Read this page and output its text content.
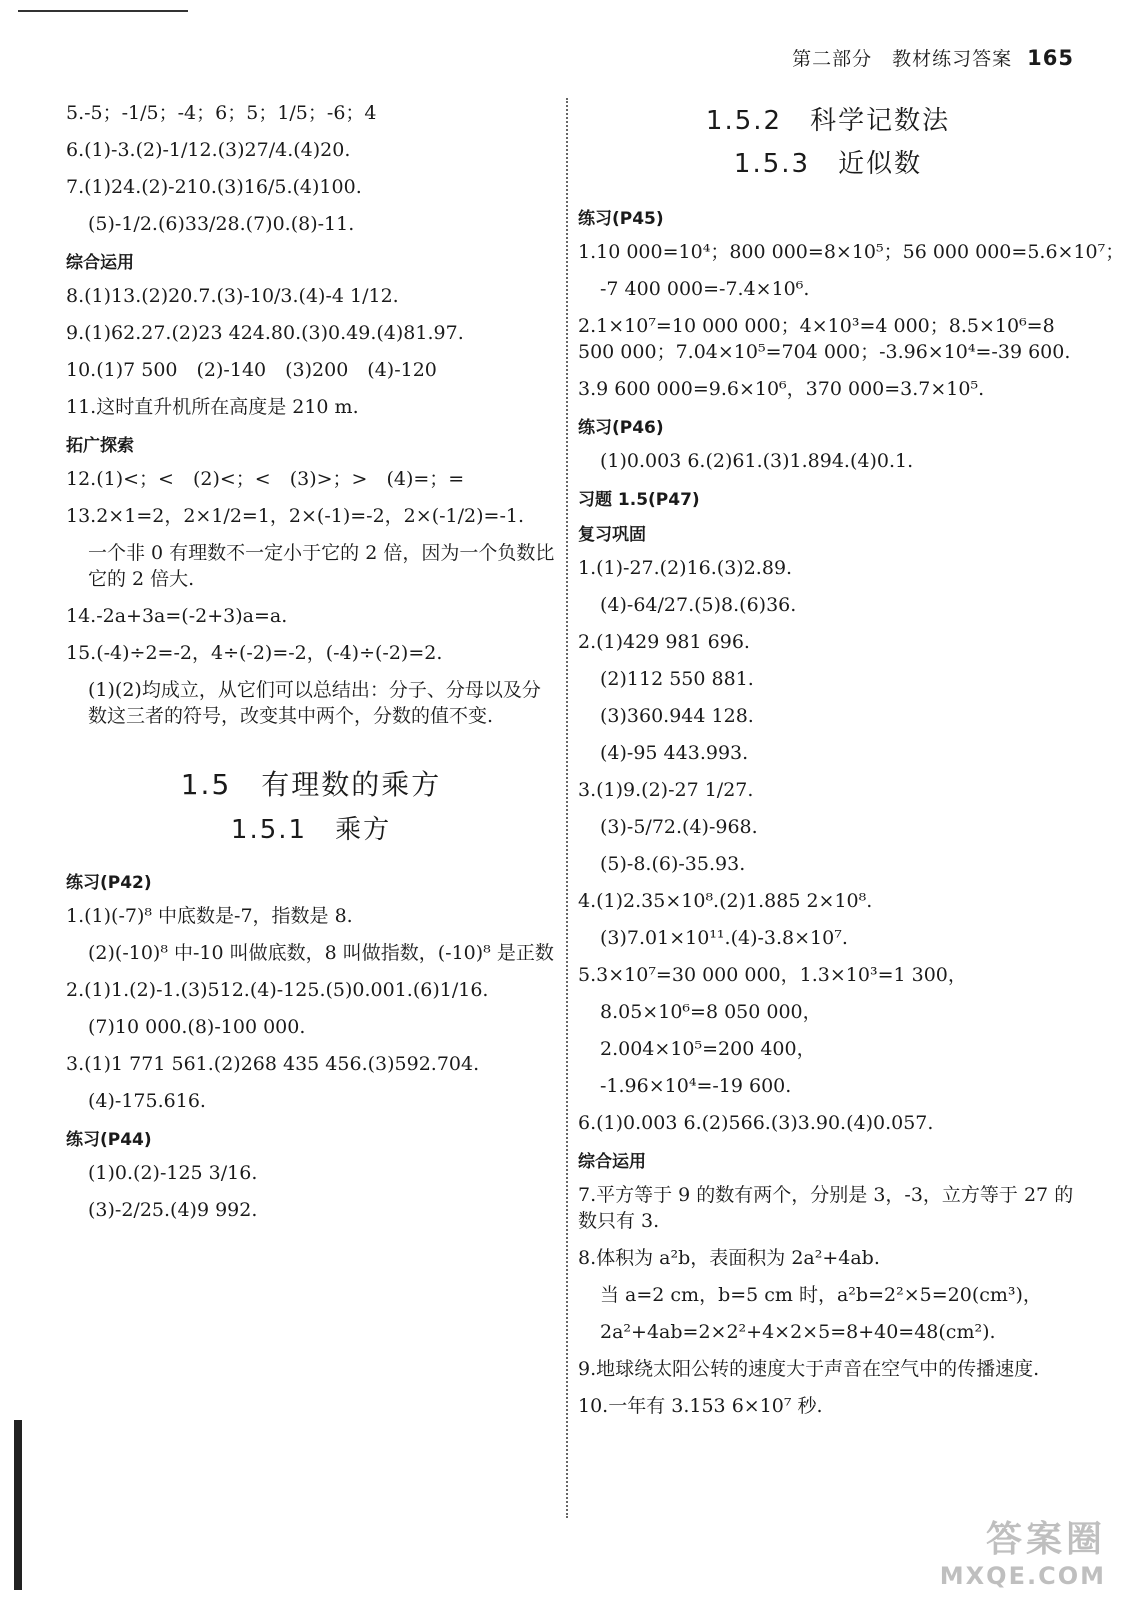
第二部分　教材练习答案 165

5.-5；-1/5；-4；6；5；1/5；-6；4

6.(1)-3.(2)-1/12.(3)27/4.(4)20.

7.(1)24.(2)-210.(3)16/5.(4)100.

(5)-1/2.(6)33/28.(7)0.(8)-11.

综合运用

8.(1)13.(2)20.7.(3)-10/3.(4)-4 1/12.

9.(1)62.27.(2)23 424.80.(3)0.49.(4)81.97.

10.(1)7 500　(2)-140　(3)200　(4)-120

11.这时直升机所在高度是 210 m.

拓广探索

12.(1)<；<　(2)<；<　(3)>；>　(4)=；=

13.2×1=2，2×1/2=1，2×(-1)=-2，2×(-1/2)=-1.

一个非 0 有理数不一定小于它的 2 倍，因为一个负数比它的 2 倍大.

14.-2a+3a=(-2+3)a=a.

15.(-4)÷2=-2，4÷(-2)=-2，(-4)÷(-2)=2.

(1)(2)均成立，从它们可以总结出：分子、分母以及分数这三者的符号，改变其中两个，分数的值不变.

1.5　有理数的乘方
1.5.1　乘方
练习(P42)

1.(1)(-7)⁸ 中底数是-7，指数是 8.

(2)(-10)⁸ 中-10 叫做底数，8 叫做指数，(-10)⁸ 是正数

2.(1)1.(2)-1.(3)512.(4)-125.(5)0.001.(6)1/16.

(7)10 000.(8)-100 000.

3.(1)1 771 561.(2)268 435 456.(3)592.704.

(4)-175.616.

练习(P44)

(1)0.(2)-125 3/16.

(3)-2/25.(4)9 992.

1.5.2　科学记数法
1.5.3　近似数
练习(P45)

1.10 000=10⁴；800 000=8×10⁵；56 000 000=5.6×10⁷；

-7 400 000=-7.4×10⁶.

2.1×10⁷=10 000 000；4×10³=4 000；8.5×10⁶=8 500 000；7.04×10⁵=704 000；-3.96×10⁴=-39 600.

3.9 600 000=9.6×10⁶，370 000=3.7×10⁵.

练习(P46)

(1)0.003 6.(2)61.(3)1.894.(4)0.1.

习题 1.5(P47)
复习巩固

1.(1)-27.(2)16.(3)2.89.

(4)-64/27.(5)8.(6)36.

2.(1)429 981 696.

(2)112 550 881.

(3)360.944 128.

(4)-95 443.993.

3.(1)9.(2)-27 1/27.

(3)-5/72.(4)-968.

(5)-8.(6)-35.93.

4.(1)2.35×10⁸.(2)1.885 2×10⁸.

(3)7.01×10¹¹.(4)-3.8×10⁷.

5.3×10⁷=30 000 000，1.3×10³=1 300，

8.05×10⁶=8 050 000，

2.004×10⁵=200 400，

-1.96×10⁴=-19 600.

6.(1)0.003 6.(2)566.(3)3.90.(4)0.057.

综合运用

7.平方等于 9 的数有两个，分别是 3，-3，立方等于 27 的数只有 3.

8.体积为 a²b，表面积为 2a²+4ab.

当 a=2 cm，b=5 cm 时，a²b=2²×5=20(cm³)，

2a²+4ab=2×2²+4×2×5=8+40=48(cm²).

9.地球绕太阳公转的速度大于声音在空气中的传播速度.

10.一年有 3.153 6×10⁷ 秒.

答案圈
MXQE.COM
